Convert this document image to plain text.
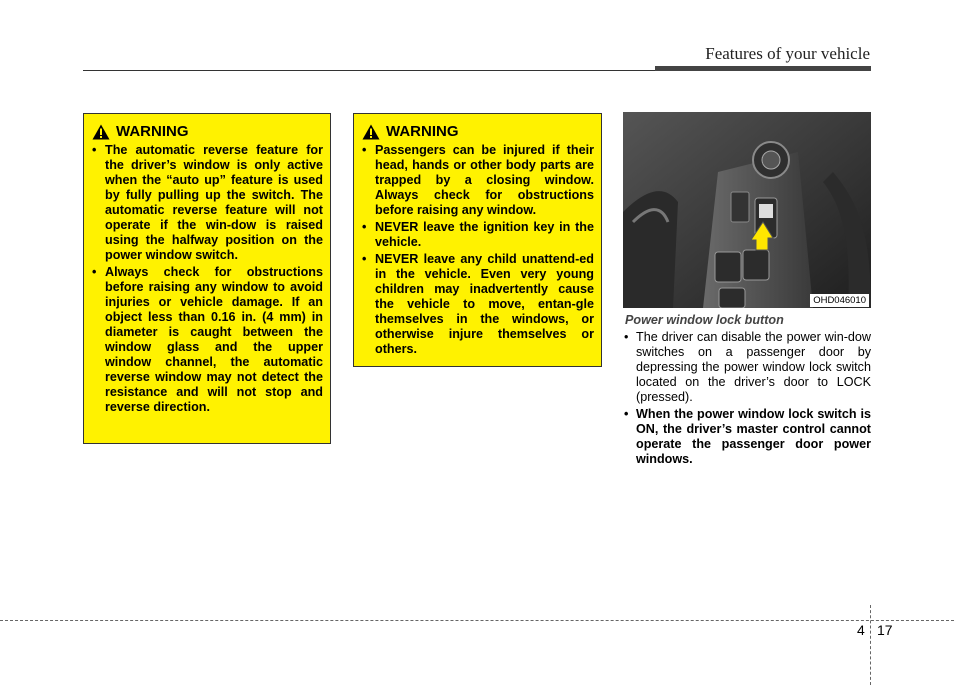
Features of your vehicle
WARNING
• The automatic reverse feature for the driver’s window is only active when the “auto up” feature is used by fully pulling up the switch. The automatic reverse feature will not operate if the win-dow is raised using the halfway position on the power window switch.
• Always check for obstructions before raising any window to avoid injuries or vehicle damage. If an object less than 0.16 in. (4 mm) in diameter is caught between the window glass and the upper window channel, the automatic reverse window may not detect the resistance and will not stop and reverse direction.
WARNING
• Passengers can be injured if their head, hands or other body parts are trapped by a closing window. Always check for obstructions before raising any window.
• NEVER leave the ignition key in the vehicle.
• NEVER leave any child unattend-ed in the vehicle. Even very young children may inadvertently cause the vehicle to move, entan-gle themselves in the windows, or otherwise injure themselves or others.
OHD046010
Power window lock button
• The driver can disable the power win-dow switches on a passenger door by depressing the power window lock switch located on the driver’s door to LOCK (pressed).
• When the power window lock switch is ON, the driver’s master control cannot operate the passenger door power windows.
4 17
